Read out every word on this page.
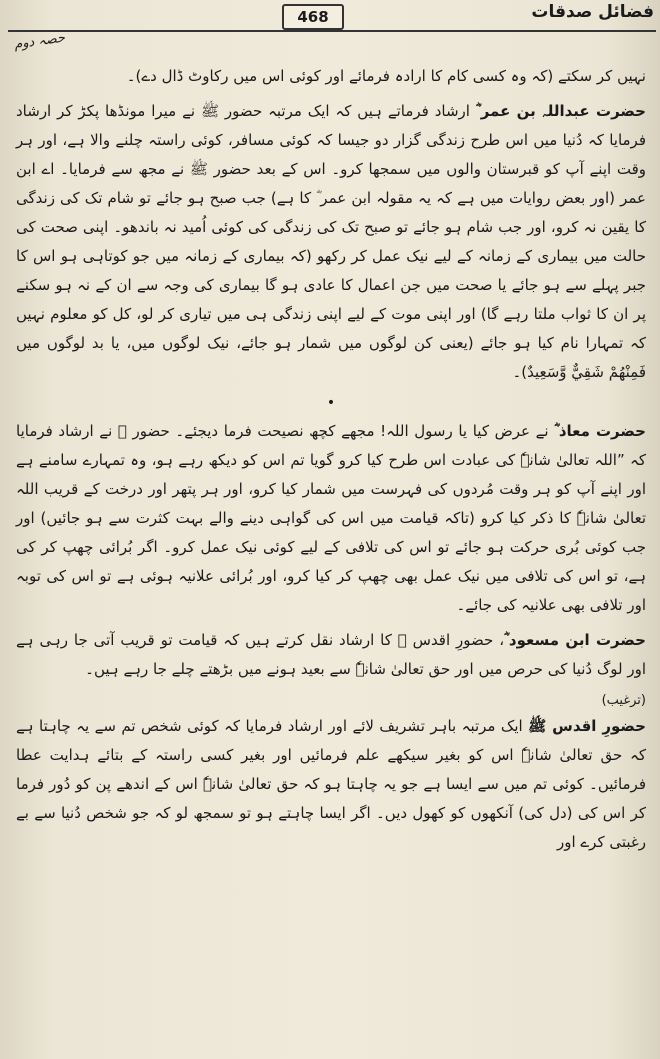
468	فضائل صدقات
حصہ دوم

نہیں کر سکتے (کہ وہ کسی کام کا ارادہ فرمائے اور کوئی اس میں رکاوٹ ڈال دے)۔

حضرت عبداللہ بن عمر ؓ ارشاد فرماتے ہیں کہ ایک مرتبہ حضور ﷺ نے میرا مونڈھا پکڑ کر ارشاد فرمایا کہ دُنیا میں اس طرح زندگی گزار دو جیسا کہ کوئی مسافر، کوئی راستہ چلنے والا ہے، اور ہر وقت اپنے آپ کو قبرستان والوں میں سمجھا کرو۔ اس کے بعد حضور ﷺ نے مجھ سے فرمایا۔ اے ابن عمر (اور بعض روایات میں ہے کہ یہ مقولہ ابن عمر ؓ کا ہے) جب صبح ہو جائے تو شام تک کی زندگی کا یقین نہ کرو، اور جب شام ہو جائے تو صبح تک کی زندگی کی کوئی اُمید نہ باندھو۔ اپنی صحت کی حالت میں بیماری کے زمانہ کے لیے نیک عمل کر رکھو (کہ بیماری کے زمانہ میں جو کوتاہی ہو اس کا جبر پہلے سے ہو جائے یا صحت میں جن اعمال کا عادی ہو گا بیماری کی وجہ سے ان کے نہ ہو سکنے پر ان کا ثواب ملتا رہے گا) اور اپنی موت کے لیے اپنی زندگی ہی میں تیاری کر لو، کل کو معلوم نہیں کہ تمہارا نام کیا ہو جائے (یعنی کن لوگوں میں شمار ہو جائے، نیک لوگوں میں، یا بد لوگوں میں فَمِنْهُمْ شَقِيٌّ وَّسَعِيدٌ)۔

•

حضرت معاذ ؓ نے عرض کیا یا رسول اللہ! مجھے کچھ نصیحت فرما دیجئے۔ حضور ﷺ نے ارشاد فرمایا کہ ”اللہ تعالیٰ شانہٗ کی عبادت اس طرح کیا کرو گویا تم اس کو دیکھ رہے ہو، وہ تمہارے سامنے ہے اور اپنے آپ کو ہر وقت مُردوں کی فہرست میں شمار کیا کرو، اور ہر پتھر اور درخت کے قریب اللہ تعالیٰ شانہٗ کا ذکر کیا کرو (تاکہ قیامت میں اس کی گواہی دینے والے بہت کثرت سے ہو جائیں) اور جب کوئی بُری حرکت ہو جائے تو اس کی تلافی کے لیے کوئی نیک عمل کرو۔ اگر بُرائی چھپ کر کی ہے، تو اس کی تلافی میں نیک عمل بھی چھپ کر کیا کرو، اور بُرائی علانیہ ہوئی ہے تو اس کی توبہ اور تلافی بھی علانیہ کی جائے۔

حضرت ابن مسعود ؓ، حضورِ اقدس ﷺ کا ارشاد نقل کرتے ہیں کہ قیامت تو قریب آتی جا رہی ہے اور لوگ دُنیا کی حرص میں اور حق تعالیٰ شانہٗ سے بعید ہونے میں بڑھتے چلے جا رہے ہیں۔

(ترغیب)

حضورِ اقدس ﷺ ایک مرتبہ باہر تشریف لائے اور ارشاد فرمایا کہ کوئی شخص تم سے یہ چاہتا ہے کہ حق تعالیٰ شانہٗ اس کو بغیر سیکھے علم فرمائیں اور بغیر کسی راستہ کے بتائے ہدایت عطا فرمائیں۔ کوئی تم میں سے ایسا ہے جو یہ چاہتا ہو کہ حق تعالیٰ شانہٗ اس کے اندھے پن کو دُور فرما کر اس کی (دل کی) آنکھوں کو کھول دیں۔ اگر ایسا چاہتے ہو تو سمجھ لو کہ جو شخص دُنیا سے بے رغبتی کرے اور
